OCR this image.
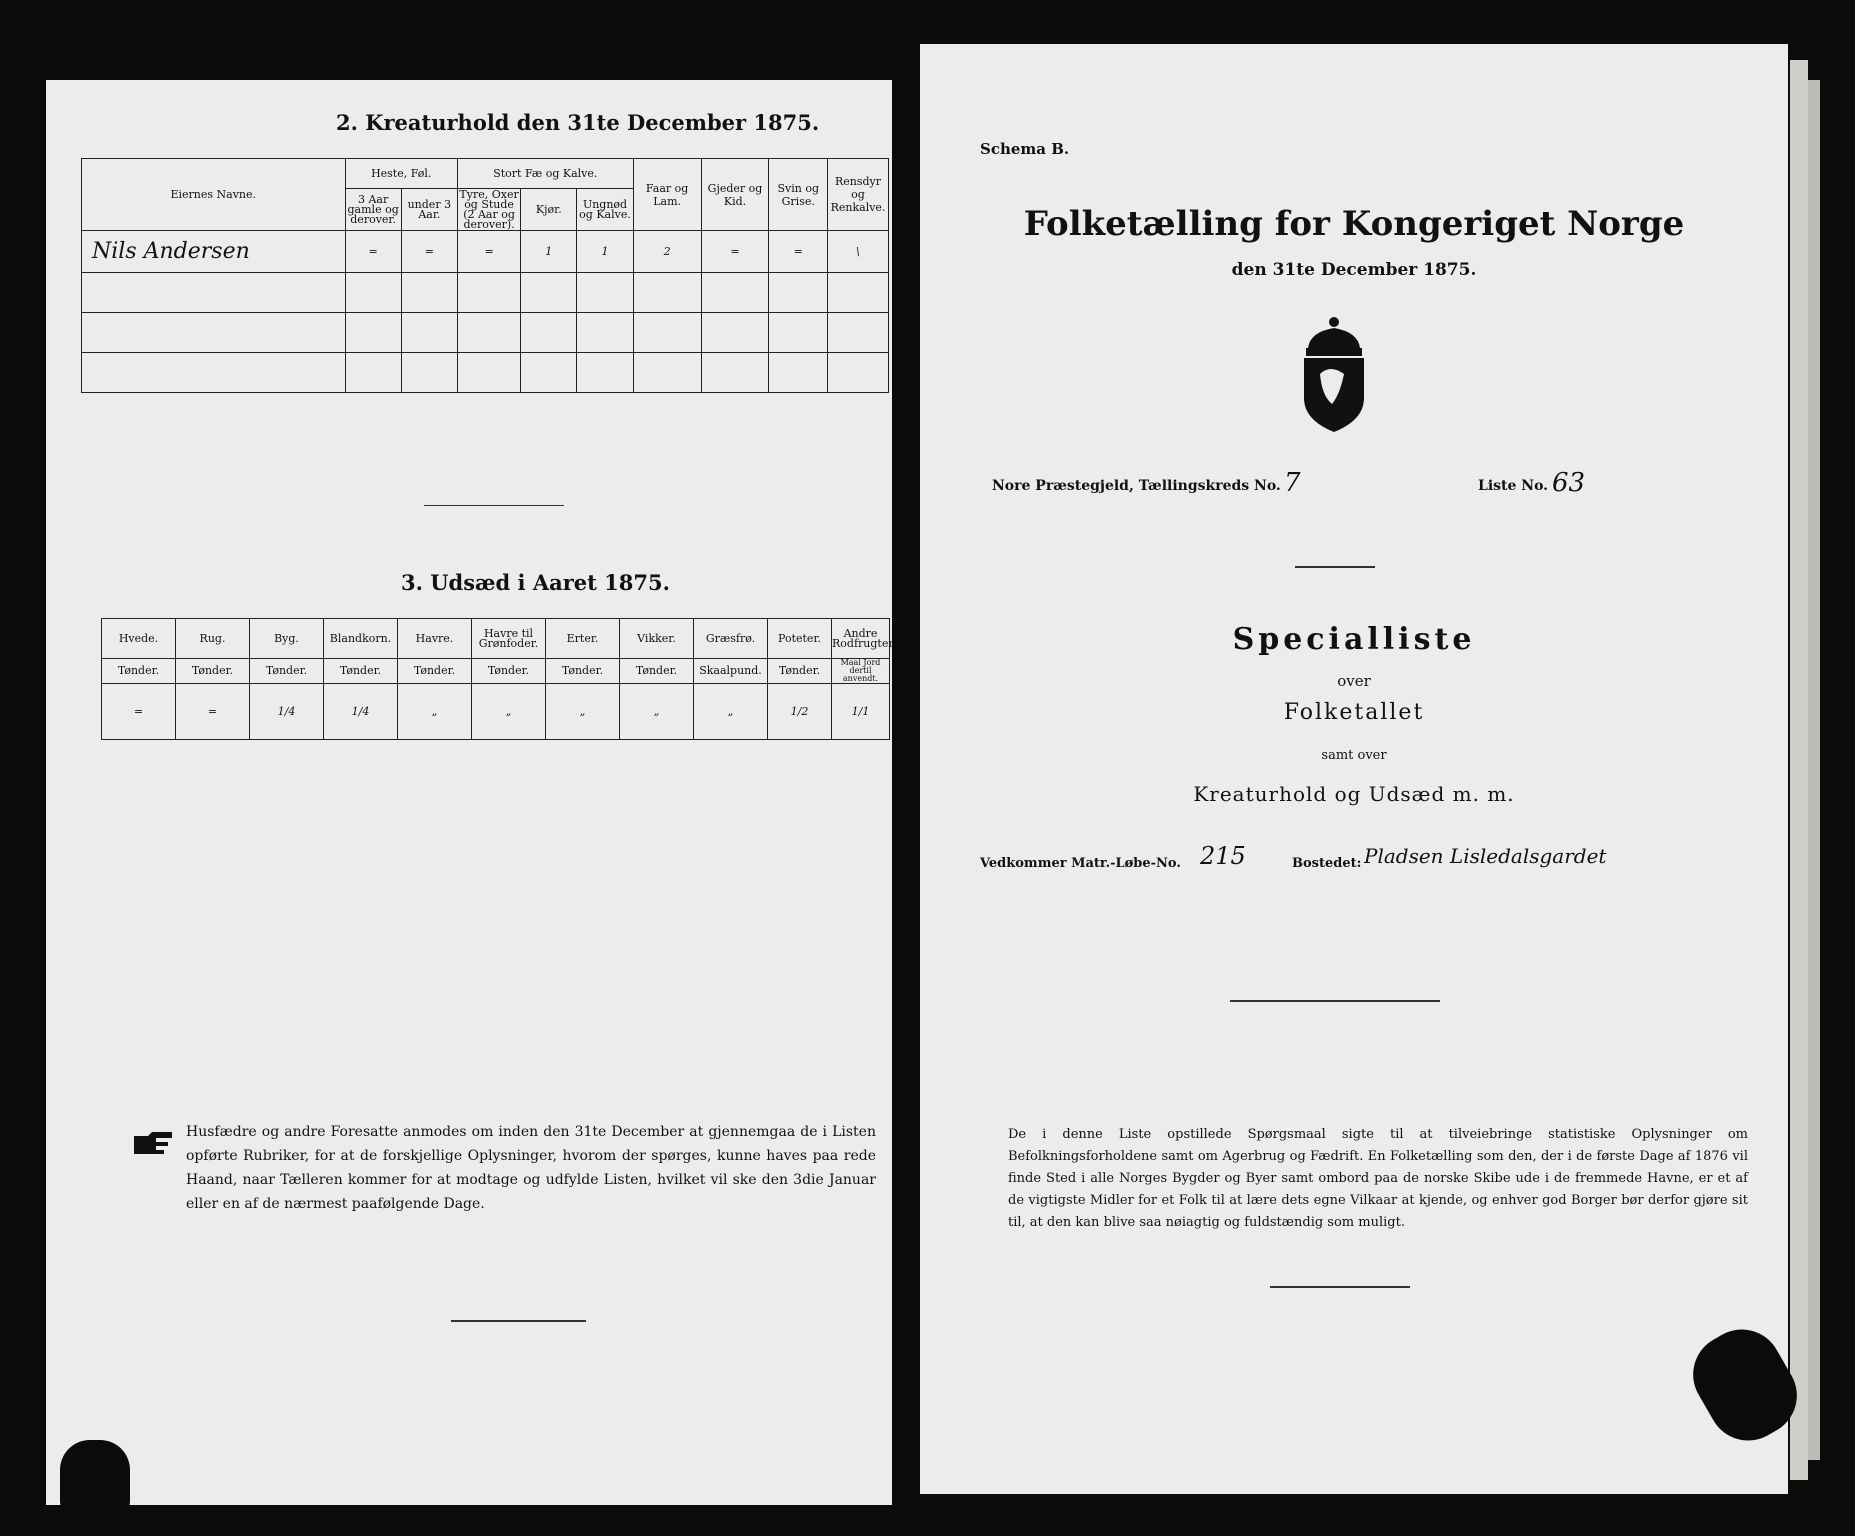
2. Kreaturhold den 31te December 1875.
Eiernes Navne.	Heste, Føl.		Stort Fæ og Kalve.			Faar og Lam.	Gjeder og Kid.	Svin og Grise.	Rensdyr og Renkalve.
	3 Aar gamle og derover.	under 3 Aar.	Tyre, Oxer og Stude (2 Aar og derover).	Kjør.	Ungnød og Kalve.				
Nils Andersen	=	=	=	1	1	2	=	=	\

3. Udsæd i Aaret 1875.
Hvede.	Rug.	Byg.	Blandkorn.	Havre.	Havre til Grønfoder.	Erter.	Vikker.	Græsfrø.	Poteter.	Andre Rodfrugter.
Tønder.	Tønder.	Tønder.	Tønder.	Tønder.	Tønder.	Tønder.	Tønder.	Skaalpund.	Tønder.	Maal Jord dertil anvendt.
=	=	1/4	1/4	„	„	„	„	„	1/2	1/1
Husfædre og andre Foresatte anmodes om inden den 31te December at gjennemgaa de i Listen opførte Rubriker, for at de forskjellige Oplysninger, hvorom der spørges, kunne haves paa rede Haand, naar Tælleren kommer for at modtage og udfylde Listen, hvilket vil ske den 3die Januar eller en af de nærmest paafølgende Dage.
Schema B.
Folketælling for Kongeriget Norge
den 31te December 1875.
Nore Præstegjeld, Tællingskreds No. 7	Liste No. 63
Specialliste
over
Folketallet
samt over
Kreaturhold og Udsæd m. m.
Vedkommer Matr.-Løbe-No. 215	Bostedet: Pladsen Lisledalsgardet
De i denne Liste opstillede Spørgsmaal sigte til at tilveiebringe statistiske Oplysninger om Befolkningsforholdene samt om Agerbrug og Fædrift. En Folketælling som den, der i de første Dage af 1876 vil finde Sted i alle Norges Bygder og Byer samt ombord paa de norske Skibe ude i de fremmede Havne, er et af de vigtigste Midler for et Folk til at lære dets egne Vilkaar at kjende, og enhver god Borger bør derfor gjøre sit til, at den kan blive saa nøiagtig og fuldstændig som muligt.
